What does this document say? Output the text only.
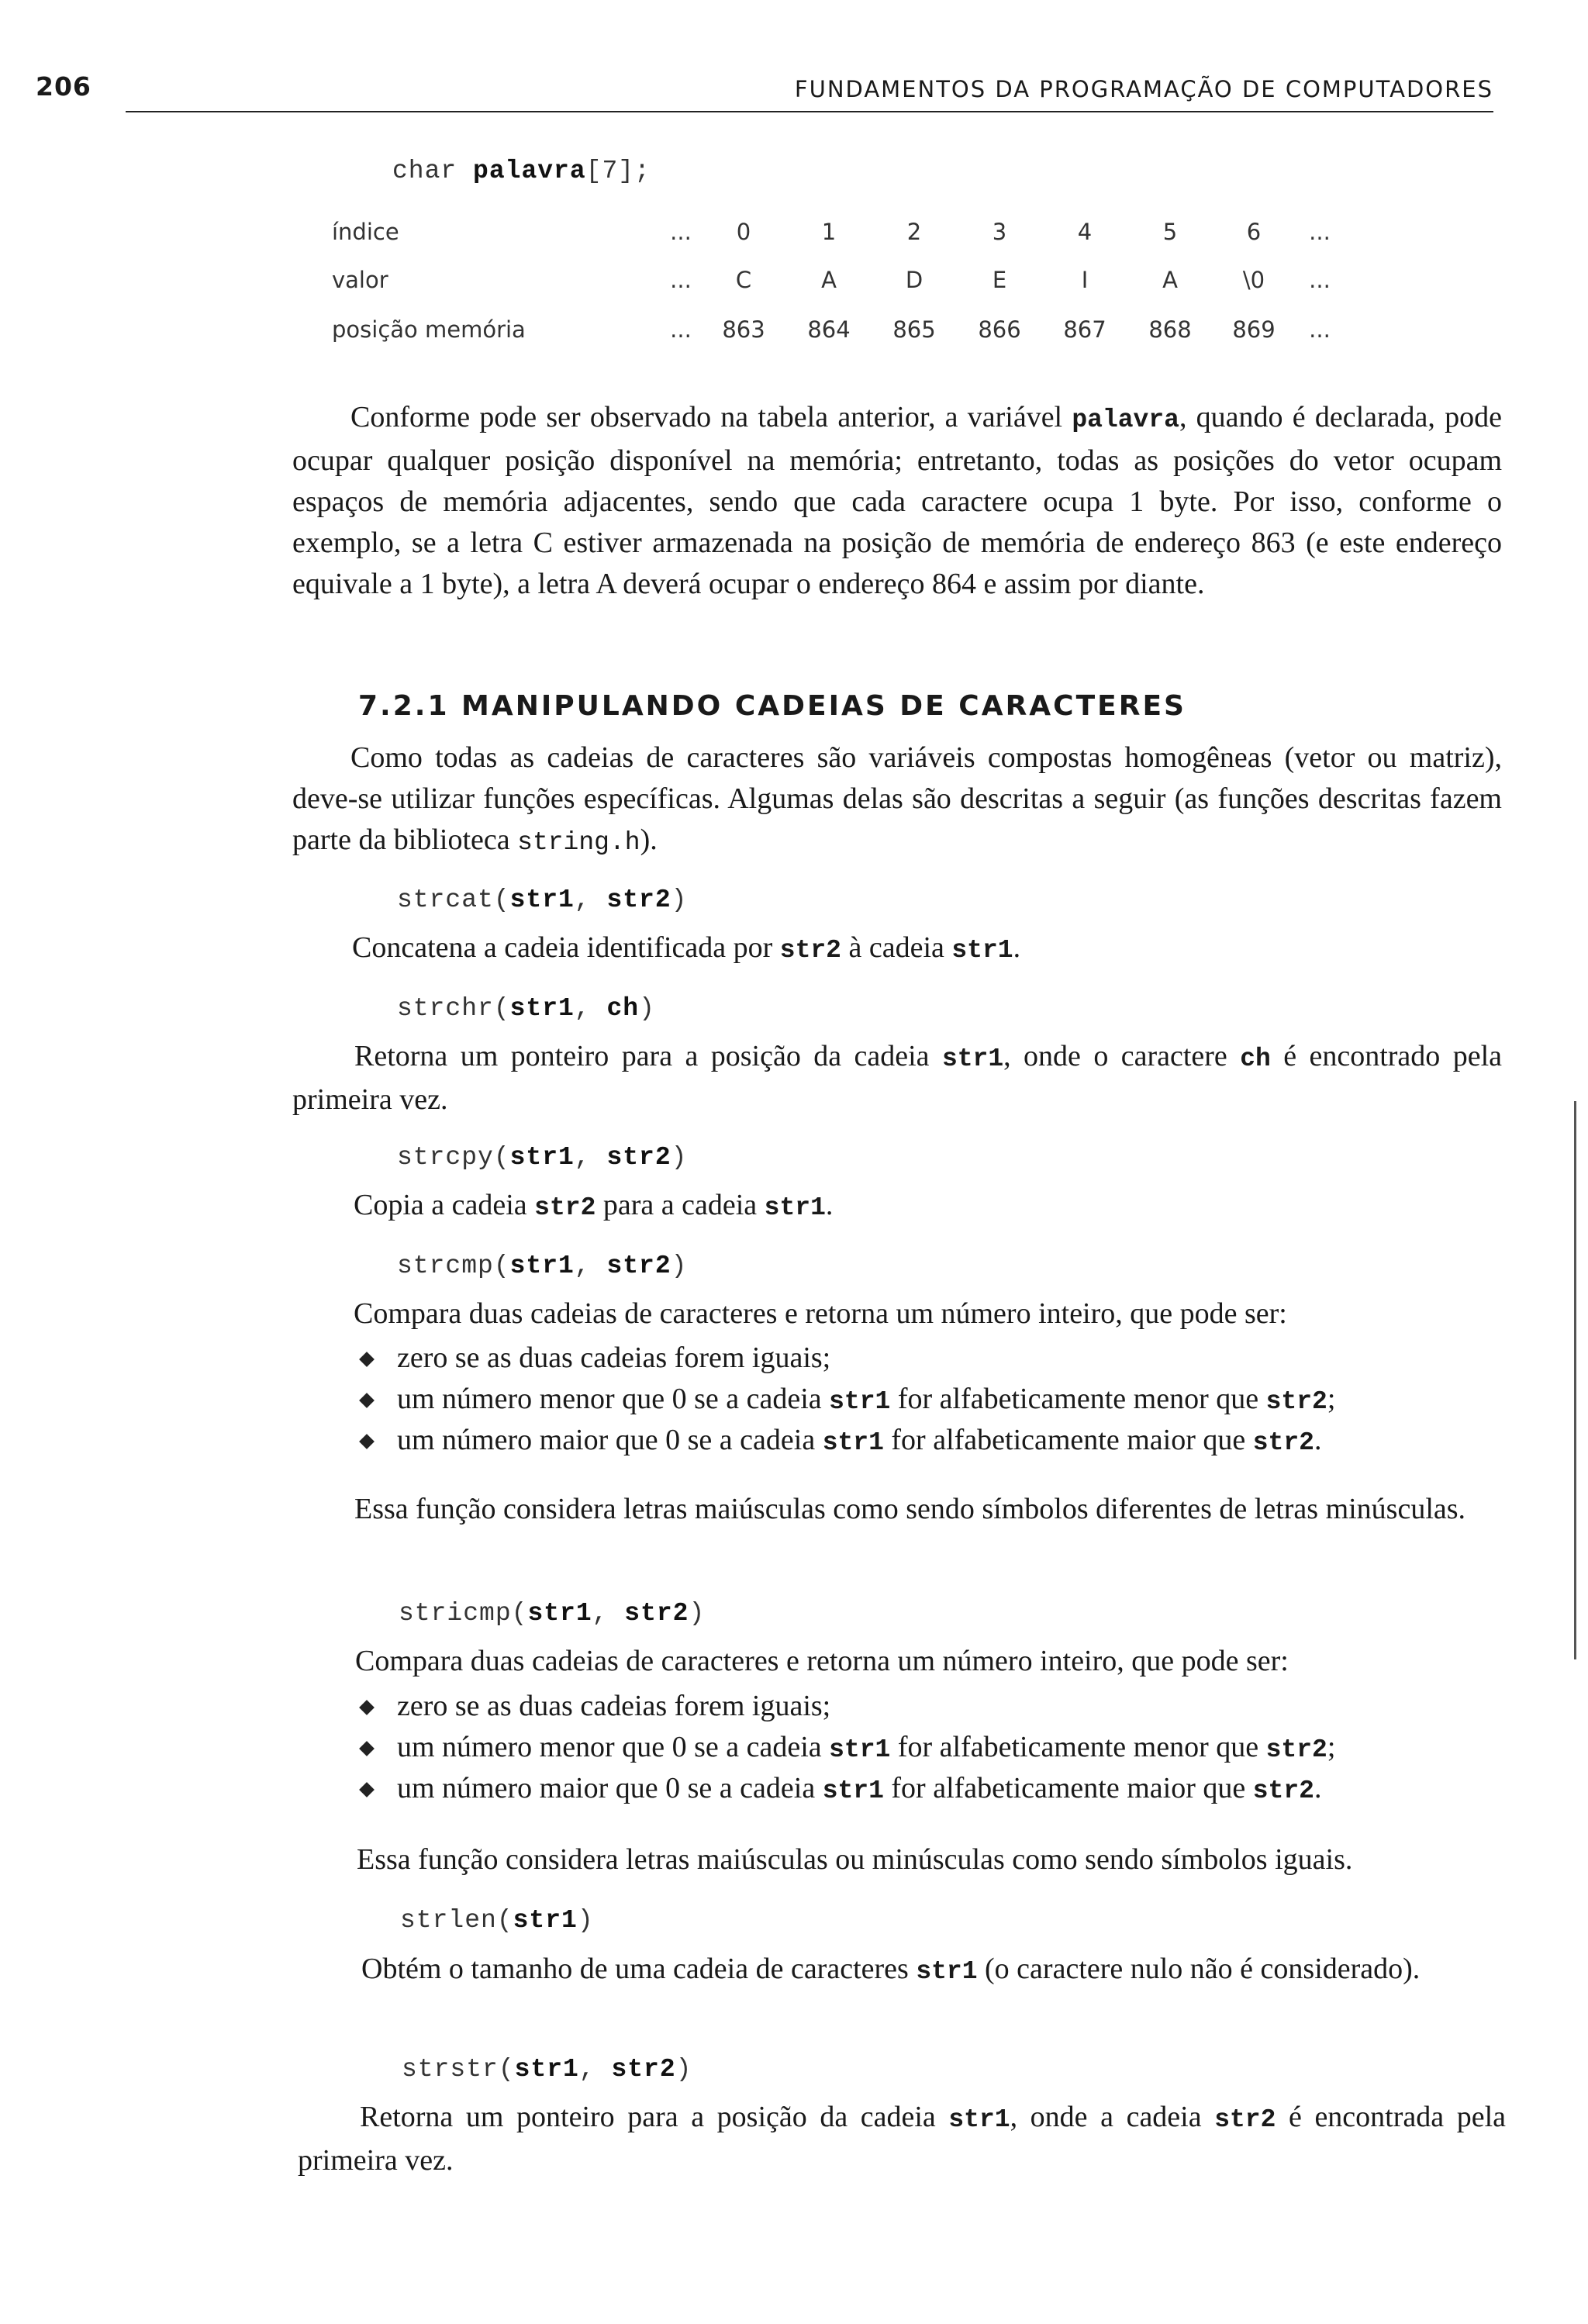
206	FUNDAMENTOS DA PROGRAMAÇÃO DE COMPUTADORES
char palavra[7];
índice	...	0	1	2	3	4	5	6	...
valor	...	C	A	D	E	I	A	\0	...
posição memória	... 863 864 865 866 867 868 869 ...

Conforme pode ser observado na tabela anterior, a variável palavra, quando é declarada, pode ocupar qualquer posição disponível na memória; entretanto, todas as posições do vetor ocupam espaços de memória adjacentes, sendo que cada caractere ocupa 1 byte. Por isso, conforme o exemplo, se a letra C estiver armazenada na posição de memória de endereço 863 (e este endereço equivale a 1 byte), a letra A deverá ocupar o endereço 864 e assim por diante.

7.2.1 MANIPULANDO CADEIAS DE CARACTERES

Como todas as cadeias de caracteres são variáveis compostas homogêneas (vetor ou matriz), deve-se utilizar funções específicas. Algumas delas são descritas a seguir (as funções descritas fazem parte da biblioteca string.h).

strcat(str1, str2)

Concatena a cadeia identificada por str2 à cadeia str1.

strchr(str1, ch)

Retorna um ponteiro para a posição da cadeia str1, onde o caractere ch é encontrado pela primeira vez.

strcpy(str1, str2)

Copia a cadeia str2 para a cadeia str1.

strcmp(str1, str2)

Compara duas cadeias de caracteres e retorna um número inteiro, que pode ser:

zero se as duas cadeias forem iguais;
um número menor que 0 se a cadeia str1 for alfabeticamente menor que str2;
um número maior que 0 se a cadeia str1 for alfabeticamente maior que str2.

Essa função considera letras maiúsculas como sendo símbolos diferentes de letras minúsculas.

stricmp(str1, str2)

Compara duas cadeias de caracteres e retorna um número inteiro, que pode ser:

zero se as duas cadeias forem iguais;
um número menor que 0 se a cadeia str1 for alfabeticamente menor que str2;
um número maior que 0 se a cadeia str1 for alfabeticamente maior que str2.

Essa função considera letras maiúsculas ou minúsculas como sendo símbolos iguais.

strlen(str1)

Obtém o tamanho de uma cadeia de caracteres str1 (o caractere nulo não é considerado).

strstr(str1, str2)

Retorna um ponteiro para a posição da cadeia str1, onde a cadeia str2 é encontrada pela primeira vez.
